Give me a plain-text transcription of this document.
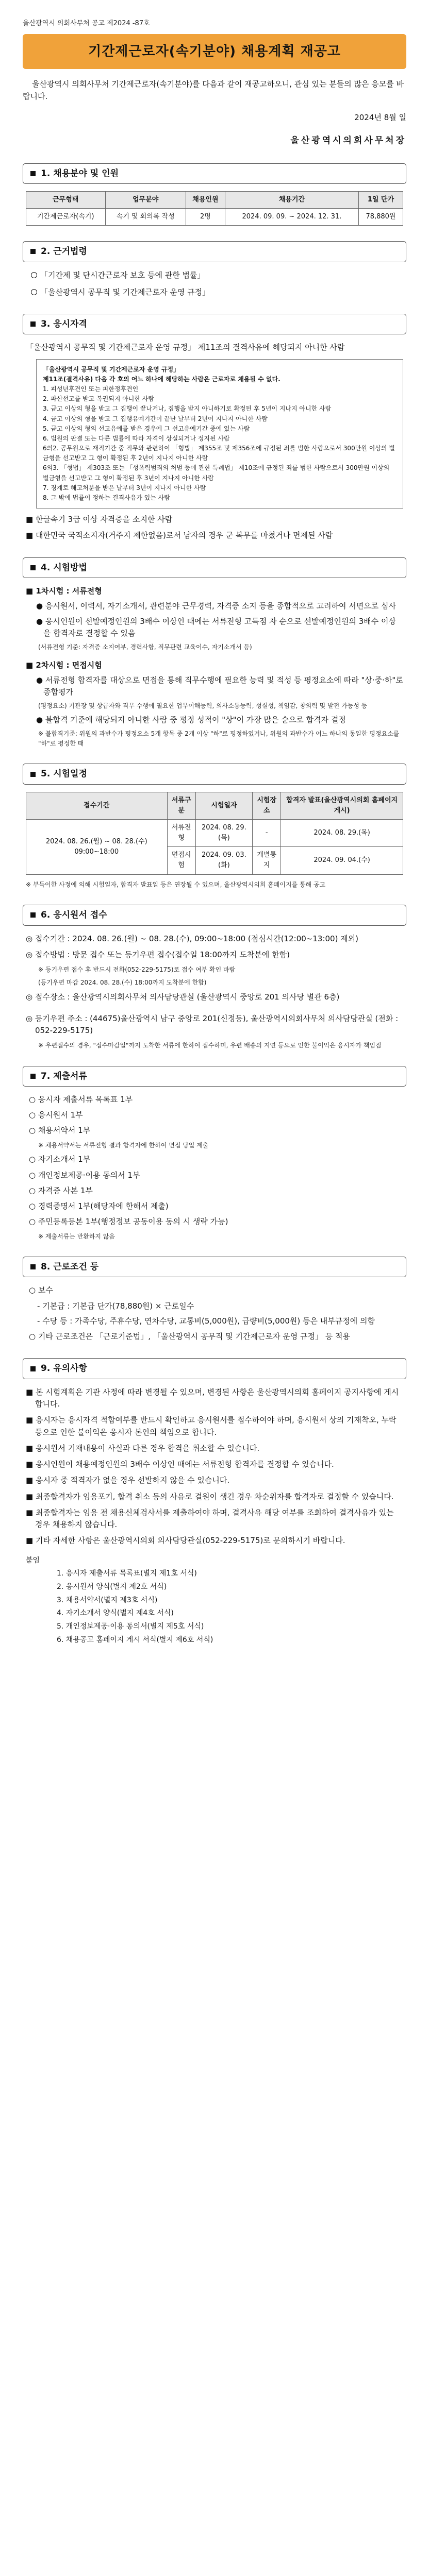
울산광역시 의회사무처 공고 제2024 -87호
기간제근로자(속기분야) 채용계획 재공고
울산광역시 의회사무처 기간제근로자(속기분야)를 다음과 같이 재공고하오니, 관심 있는 분들의 많은 응모를 바랍니다.
2024년 8월 일
울산광역시의회사무처장
1. 채용분야 및 인원
근무형태	업무분야	채용인원	채용기간	1일 단가
기간제근로자(속기)	속기 및 회의록 작성	2명	2024. 09. 09. ~ 2024. 12. 31.	78,880원
2. 근거법령
「기간제 및 단시간근로자 보호 등에 관한 법률」
「울산광역시 공무직 및 기간제근로자 운영 규정」
3. 응시자격
「울산광역시 공무직 및 기간제근로자 운영 규정」 제11조의 결격사유에 해당되지 아니한 사람
「울산광역시 공무직 및 기간제근로자 운영 규정」
제11조(결격사유) 다음 각 호의 어느 하나에 해당하는 사람은 근로자로 채용될 수 없다.
1. 피성년후견인 또는 피한정후견인
2. 파산선고를 받고 복권되지 아니한 사람
3. 금고 이상의 형을 받고 그 집행이 끝나거나, 집행을 받지 아니하기로 확정된 후 5년이 지나지 아니한 사람
4. 금고 이상의 형을 받고 그 집행유예기간이 끝난 날부터 2년이 지나지 아니한 사람
5. 금고 이상의 형의 선고유예를 받은 경우에 그 선고유예기간 중에 있는 사람
6. 법원의 판결 또는 다른 법률에 따라 자격이 상실되거나 정지된 사람
6의2. 공무원으로 재직기간 중 직무와 관련하여 「형법」 제355조 및 제356조에 규정된 죄를 범한 사람으로서 300만원 이상의 벌금형을 선고받고 그 형이 확정된 후 2년이 지나지 아니한 사람
6의3. 「형법」 제303조 또는 「성폭력범죄의 처벌 등에 관한 특례법」 제10조에 규정된 죄를 범한 사람으로서 300만원 이상의 벌금형을 선고받고 그 형이 확정된 후 3년이 지나지 아니한 사람
7. 징계로 해고처분을 받은 날부터 3년이 지나지 아니한 사람
8. 그 밖에 법률이 정하는 결격사유가 있는 사람
■ 한글속기 3급 이상 자격증을 소지한 사람
■ 대한민국 국적소지자(거주지 제한없음)로서 남자의 경우 군 복무를 마쳤거나 면제된 사람
4. 시험방법
■ 1차시험 : 서류전형
● 응시원서, 이력서, 자기소개서, 관련분야 근무경력, 자격증 소지 등을 종합적으로 고려하여 서면으로 심사
● 응시인원이 선발예정인원의 3배수 이상인 때에는 서류전형 고득점 자 순으로 선발예정인원의 3배수 이상을 합격자로 결정할 수 있음
(서류전형 기준: 자격증 소지여부, 경력사항, 직무관련 교육이수, 자기소개서 등)
■ 2차시험 : 면접시험
● 서류전형 합격자를 대상으로 면접을 통해 직무수행에 필요한 능력 및 적성 등 평정요소에 따라 "상·중·하"로 종합평가
(평정요소) 기관장 및 상급자와 직무 수행에 필요한 업무이해능력, 의사소통능력, 성실성, 책임감, 창의력 및 발전 가능성 등
● 불합격 기준에 해당되지 아니한 사람 중 평정 성적이 "상"이 가장 많은 순으로 합격자 결정
※ 불합격기준: 위원의 과반수가 평정요소 5개 항목 중 2개 이상 "하"로 평정하였거나, 위원의 과반수가 어느 하나의 동일한 평정요소를 "하"로 평정한 때
5. 시험일정
접수기간	서류구분	시험일자	시험장소	합격자 발표(울산광역시의회 홈페이지 게시)
2024. 08. 26.(월) ~ 08. 28.(수) 09:00~18:00	서류전형	2024. 08. 29.(목)	-	2024. 08. 29.(목)
	면접시험	2024. 09. 03.(화)	개별통지	2024. 09. 04.(수)
※ 부득이한 사정에 의해 시험일자, 합격자 발표일 등은 연장될 수 있으며, 울산광역시의회 홈페이지를 통해 공고
6. 응시원서 접수
◎ 접수기간 : 2024. 08. 26.(월) ~ 08. 28.(수), 09:00~18:00 (점심시간(12:00~13:00) 제외)
◎ 접수방법 : 방문 접수 또는 등기우편 접수(접수일 18:00까지 도착분에 한함)
※ 등기우편 접수 후 반드시 전화(052-229-5175)로 접수 여부 확인 바람
(등기우편 마감 2024. 08. 28.(수) 18:00까지 도착분에 한함)
◎ 접수장소 : 울산광역시의회사무처 의사담당관실 (울산광역시 중앙로 201 의사당 별관 6층)
◎ 등기우편 주소 : (44675)울산광역시 남구 중앙로 201(신정동), 울산광역시의회사무처 의사담당관실 (전화 : 052-229-5175)
※ 우편접수의 경우, "접수마감일"까지 도착한 서류에 한하여 접수하며, 우편 배송의 지연 등으로 인한 불이익은 응시자가 책임짐
7. 제출서류
○ 응시자 제출서류 목록표 1부
○ 응시원서 1부
○ 채용서약서 1부
※ 채용서약서는 서류전형 결과 합격자에 한하여 면접 당일 제출
○ 자기소개서 1부
○ 개인정보제공·이용 동의서 1부
○ 자격증 사본 1부
○ 경력증명서 1부(해당자에 한해서 제출)
○ 주민등록등본 1부(행정정보 공동이용 동의 시 생략 가능)
※ 제출서류는 반환하지 않음
8. 근로조건 등
○ 보수
- 기본급 : 기본급 단가(78,880원) × 근로일수
- 수당 등 : 가족수당, 주휴수당, 연차수당, 교통비(5,000원), 급량비(5,000원) 등은 내부규정에 의함
○ 기타 근로조건은 「근로기준법」, 「울산광역시 공무직 및 기간제근로자 운영 규정」 등 적용
9. 유의사항
■ 본 시험계획은 기관 사정에 따라 변경될 수 있으며, 변경된 사항은 울산광역시의회 홈페이지 공지사항에 게시합니다.
■ 응시자는 응시자격 적합여부를 반드시 확인하고 응시원서를 접수하여야 하며, 응시원서 상의 기재착오, 누락 등으로 인한 불이익은 응시자 본인의 책임으로 합니다.
■ 응시원서 기재내용이 사실과 다른 경우 합격을 취소할 수 있습니다.
■ 응시인원이 채용예정인원의 3배수 이상인 때에는 서류전형 합격자를 결정할 수 있습니다.
■ 응시자 중 적격자가 없을 경우 선발하지 않을 수 있습니다.
■ 최종합격자가 임용포기, 합격 취소 등의 사유로 결원이 생긴 경우 차순위자를 합격자로 결정할 수 있습니다.
■ 최종합격자는 임용 전 채용신체검사서를 제출하여야 하며, 결격사유 해당 여부를 조회하여 결격사유가 있는 경우 채용하지 않습니다.
■ 기타 자세한 사항은 울산광역시의회 의사담당관실(052-229-5175)로 문의하시기 바랍니다.
붙임
1. 응시자 제출서류 목록표(별지 제1호 서식)
2. 응시원서 양식(별지 제2호 서식)
3. 채용서약서(별지 제3호 서식)
4. 자기소개서 양식(별지 제4호 서식)
5. 개인정보제공·이용 동의서(별지 제5호 서식)
6. 채용공고 홈페이지 게시 서식(별지 제6호 서식)
